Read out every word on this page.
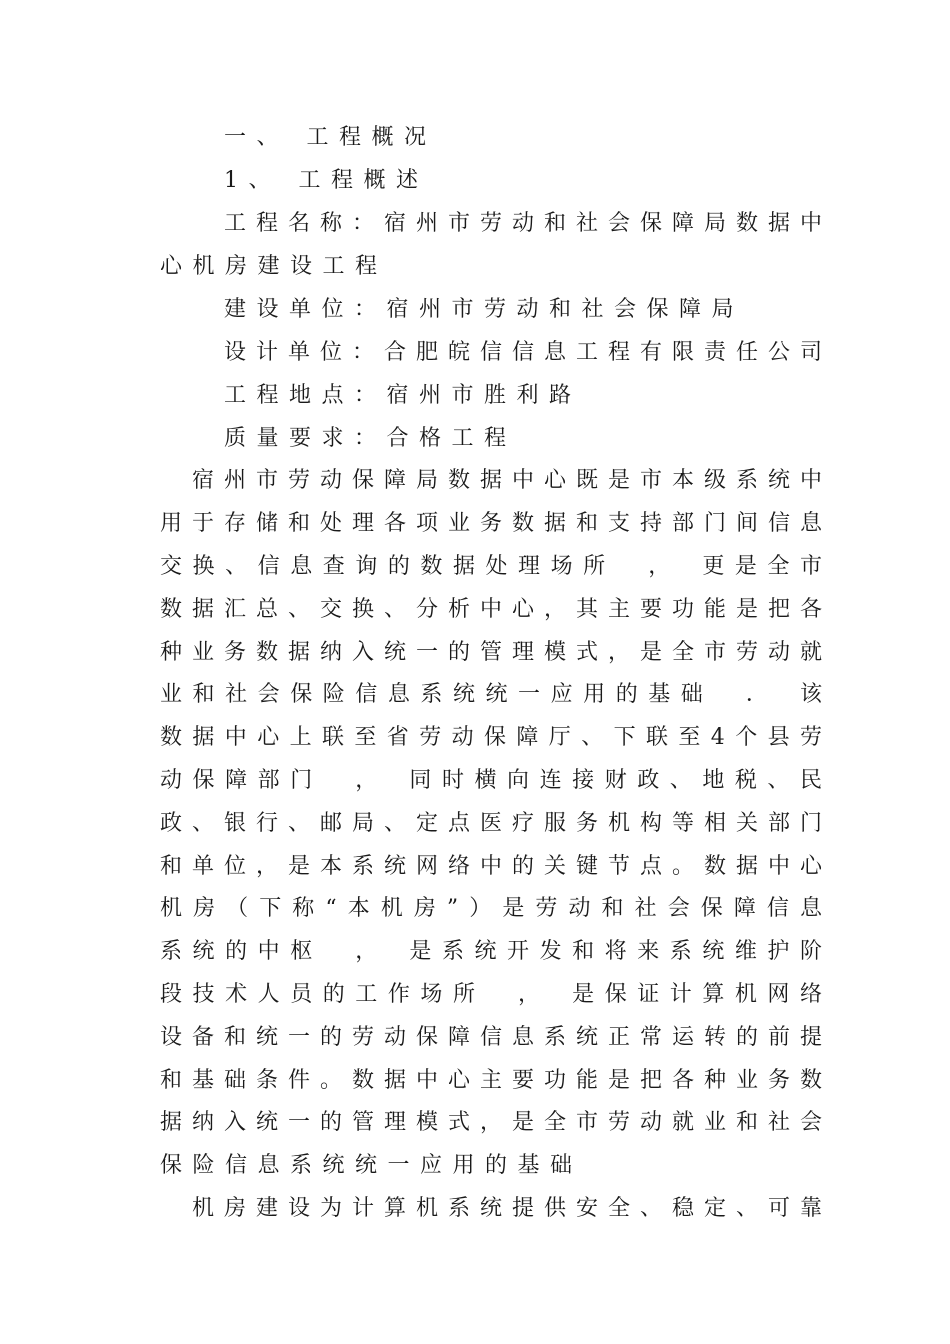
一、 工程概况
1、 工程概述
工程名称：宿州市劳动和社会保障局数据中
心机房建设工程
建设单位：宿州市劳动和社会保障局
设计单位：合肥皖信信息工程有限责任公司
工程地点：宿州市胜利路
质量要求：合格工程
宿州市劳动保障局数据中心既是市本级系统中
用于存储和处理各项业务数据和支持部门间信息
交换、信息查询的数据处理场所　，　更是全市
数据汇总、交换、分析中心，其主要功能是把各
种业务数据纳入统一的管理模式，是全市劳动就
业和社会保险信息系统统一应用的基础　．　该
数据中心上联至省劳动保障厅、下联至4个县劳
动保障部门　，　同时横向连接财政、地税、民
政、银行、邮局、定点医疗服务机构等相关部门
和单位，是本系统网络中的关键节点。数据中心
机房（下称“本机房”）是劳动和社会保障信息
系统的中枢　，　是系统开发和将来系统维护阶
段技术人员的工作场所　，　是保证计算机网络
设备和统一的劳动保障信息系统正常运转的前提
和基础条件。数据中心主要功能是把各种业务数
据纳入统一的管理模式，是全市劳动就业和社会
保险信息系统统一应用的基础
机房建设为计算机系统提供安全、稳定、可靠
